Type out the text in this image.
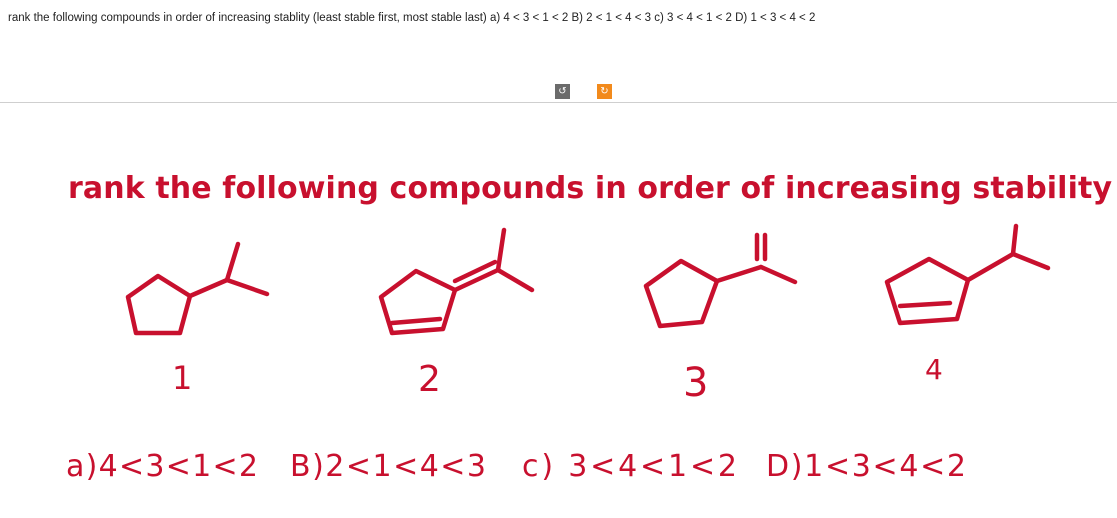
rank the following compounds in order of increasing stablity (least stable first, most stable last) a) 4 < 3 < 1 < 2 B) 2 < 1 < 4 < 3 c) 3 < 4 < 1 < 2 D) 1 < 3 < 4 < 2
↺	↻
rank the following compounds in order of increasing stability
1	2	3	4
a)4<3<1<2 B)2<1<4<3 c) 3<4<1<2 D)1<3<4<2
